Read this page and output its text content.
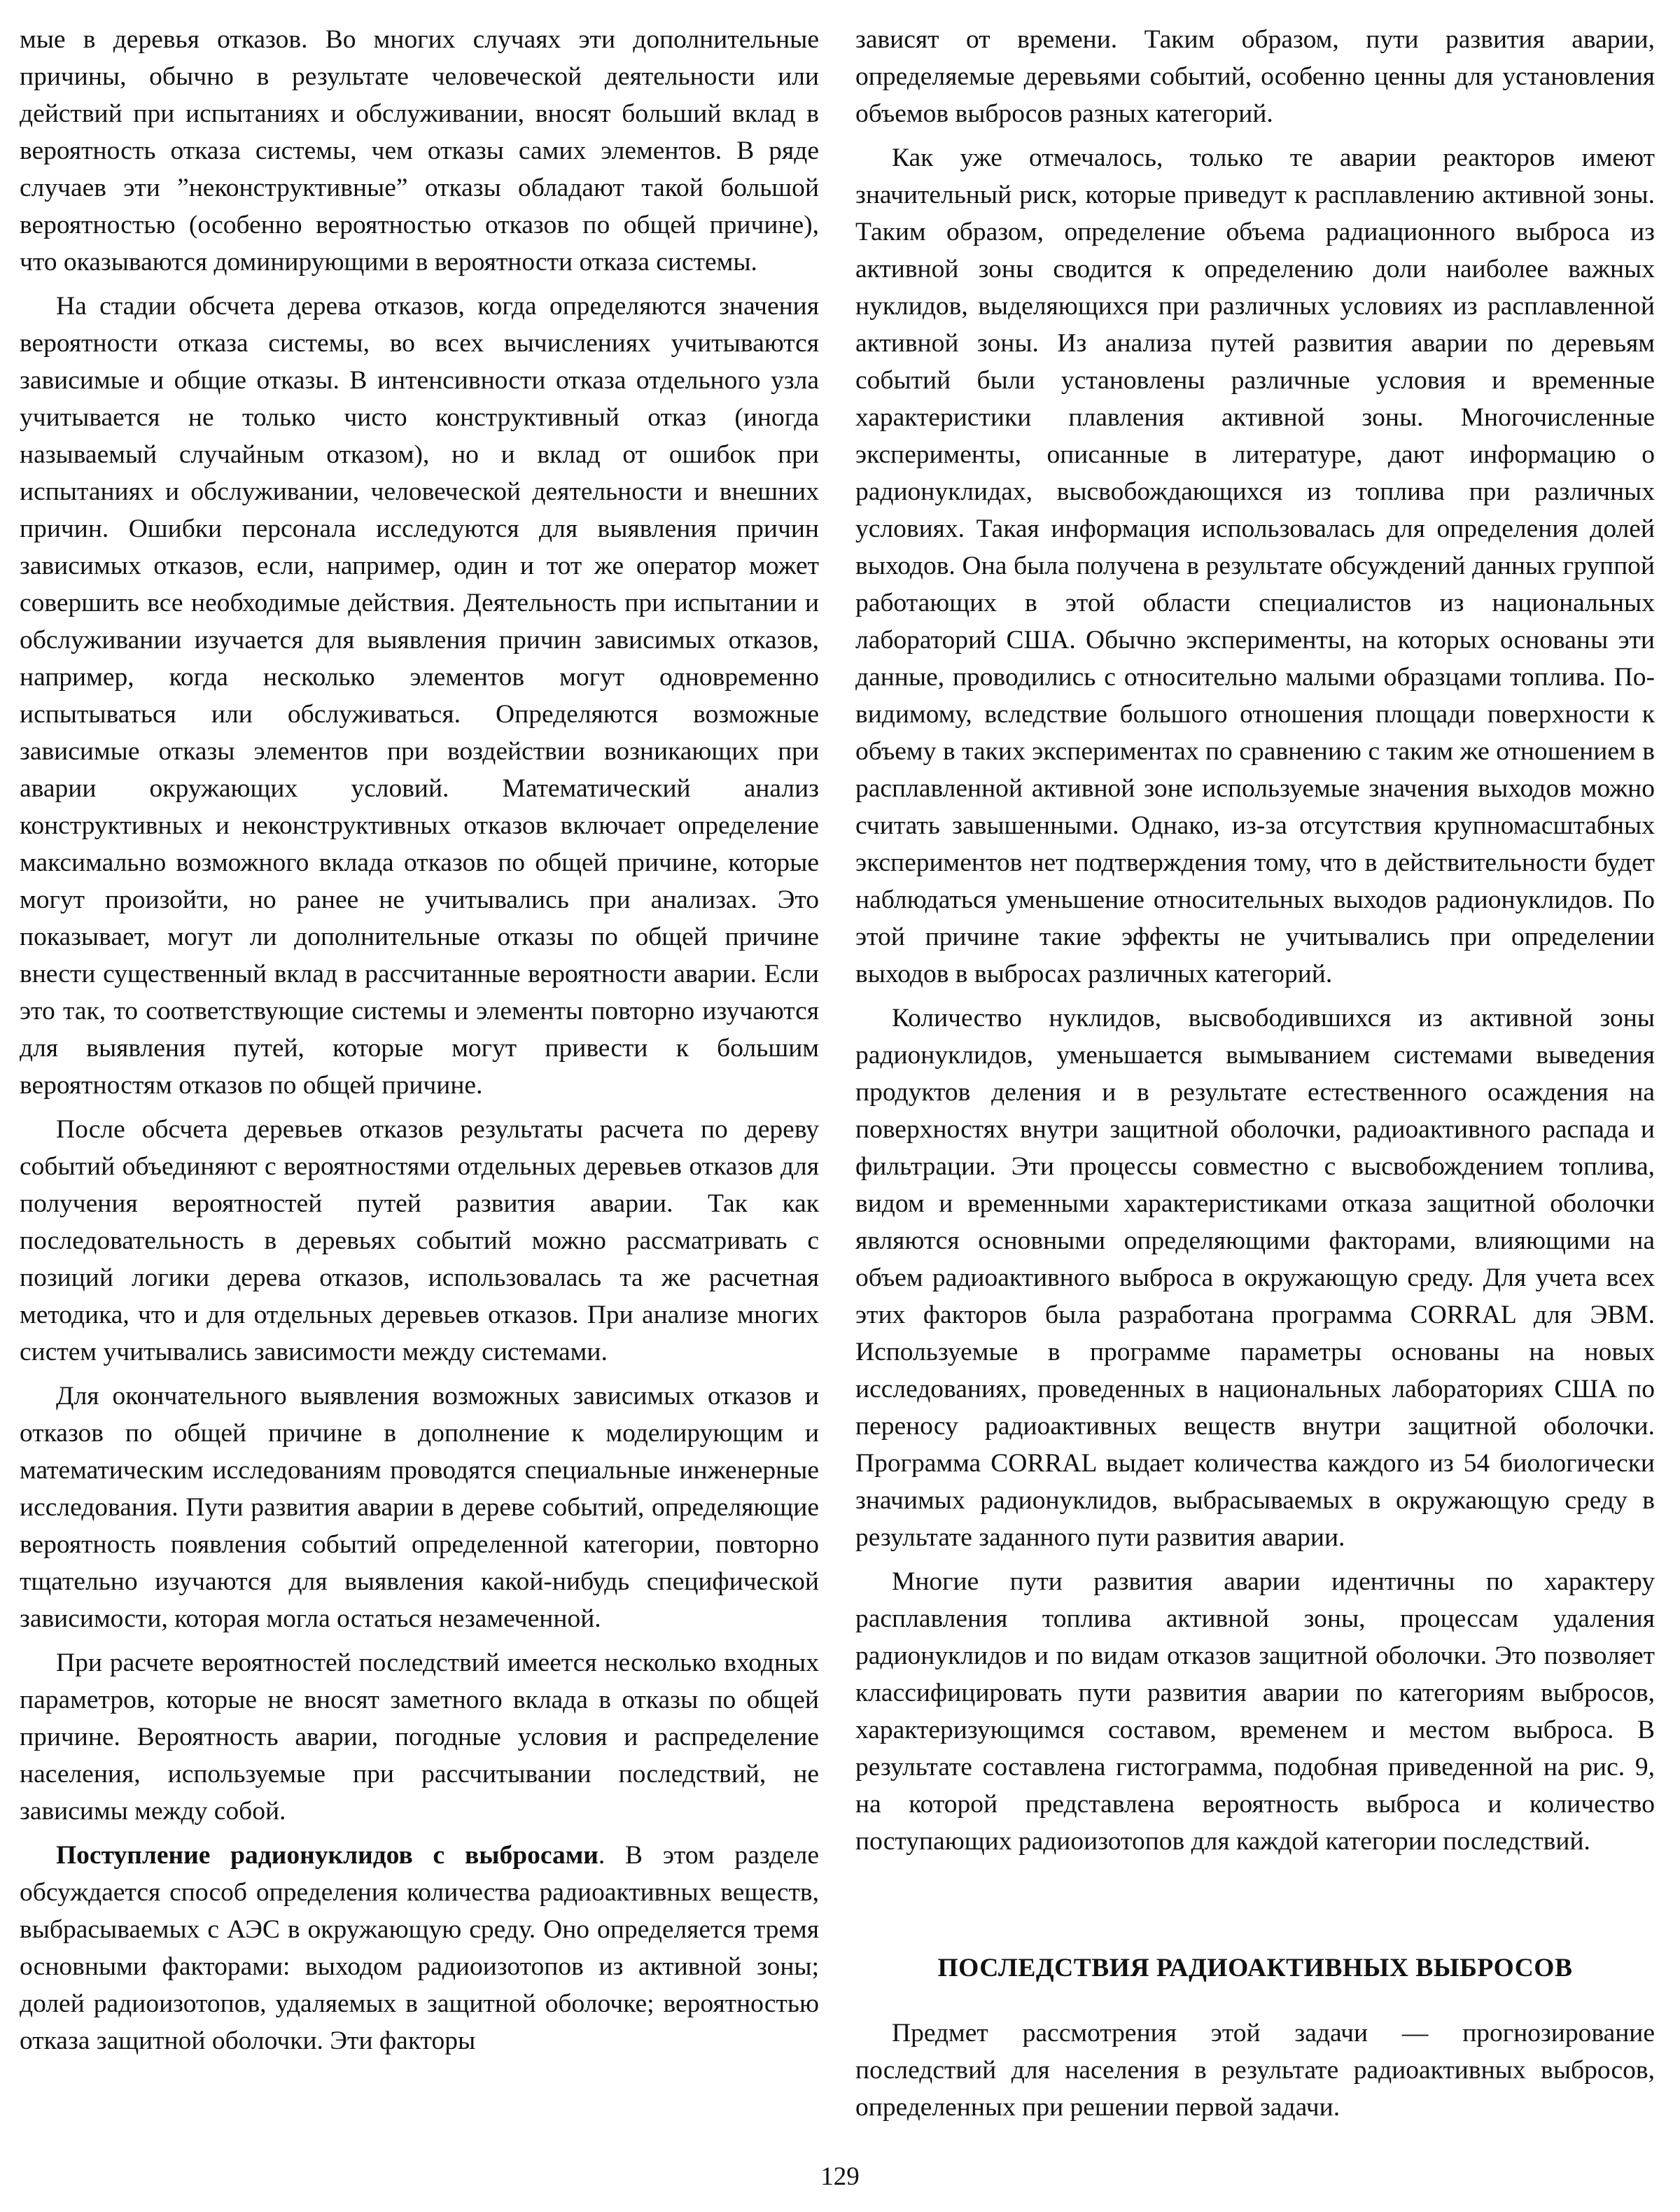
мые в деревья отказов. Во многих случаях эти дополнительные причины, обычно в результате человеческой деятельности или действий при испытаниях и обслуживании, вносят больший вклад в вероятность отказа системы, чем отказы самих элементов. В ряде случаев эти ”неконструктивные” отказы обладают такой большой вероятностью (особенно вероятностью отказов по общей причине), что оказываются доминирующими в вероятности отказа системы.

На стадии обсчета дерева отказов, когда определяются значения вероятности отказа системы, во всех вычислениях учитываются зависимые и общие отказы. В интенсивности отказа отдельного узла учитывается не только чисто конструктивный отказ (иногда называемый случайным отказом), но и вклад от ошибок при испытаниях и обслуживании, человеческой деятельности и внешних причин. Ошибки персонала исследуются для выявления причин зависимых отказов, если, например, один и тот же оператор может совершить все необходимые действия. Деятельность при испытании и обслуживании изучается для выявления причин зависимых отказов, например, когда несколько элементов могут одновременно испытываться или обслуживаться. Определяются возможные зависимые отказы элементов при воздействии возникающих при аварии окружающих условий. Математический анализ конструктивных и неконструктивных отказов включает определение максимально возможного вклада отказов по общей причине, которые могут произойти, но ранее не учитывались при анализах. Это показывает, могут ли дополнительные отказы по общей причине внести существенный вклад в рассчитанные вероятности аварии. Если это так, то соответствующие системы и элементы повторно изучаются для выявления путей, которые могут привести к большим вероятностям отказов по общей причине.

После обсчета деревьев отказов результаты расчета по дереву событий объединяют с вероятностями отдельных деревьев отказов для получения вероятностей путей развития аварии. Так как последовательность в деревьях событий можно рассматривать с позиций логики дерева отказов, использовалась та же расчетная методика, что и для отдельных деревьев отказов. При анализе многих систем учитывались зависимости между системами.

Для окончательного выявления возможных зависимых отказов и отказов по общей причине в дополнение к моделирующим и математическим исследованиям проводятся специальные инженерные исследования. Пути развития аварии в дереве событий, определяющие вероятность появления событий определенной категории, повторно тщательно изучаются для выявления какой-нибудь специфической зависимости, которая могла остаться незамеченной.

При расчете вероятностей последствий имеется несколько входных параметров, которые не вносят заметного вклада в отказы по общей причине. Вероятность аварии, погодные условия и распределение населения, используемые при рассчитывании последствий, не зависимы между собой.

Поступление радионуклидов с выбросами. В этом разделе обсуждается способ определения количества радиоактивных веществ, выбрасываемых с АЭС в окружающую среду. Оно определяется тремя основными факторами: выходом радиоизотопов из активной зоны; долей радиоизотопов, удаляемых в защитной оболочке; вероятностью отказа защитной оболочки. Эти факторы

зависят от времени. Таким образом, пути развития аварии, определяемые деревьями событий, особенно ценны для установления объемов выбросов разных категорий.

Как уже отмечалось, только те аварии реакторов имеют значительный риск, которые приведут к расплавлению активной зоны. Таким образом, определение объема радиационного выброса из активной зоны сводится к определению доли наиболее важных нуклидов, выделяющихся при различных условиях из расплавленной активной зоны. Из анализа путей развития аварии по деревьям событий были установлены различные условия и временные характеристики плавления активной зоны. Многочисленные эксперименты, описанные в литературе, дают информацию о радионуклидах, высвобождающихся из топлива при различных условиях. Такая информация использовалась для определения долей выходов. Она была получена в результате обсуждений данных группой работающих в этой области специалистов из национальных лабораторий США. Обычно эксперименты, на которых основаны эти данные, проводились с относительно малыми образцами топлива. По-видимому, вследствие большого отношения площади поверхности к объему в таких экспериментах по сравнению с таким же отношением в расплавленной активной зоне используемые значения выходов можно считать завышенными. Однако, из-за отсутствия крупномасштабных экспериментов нет подтверждения тому, что в действительности будет наблюдаться уменьшение относительных выходов радионуклидов. По этой причине такие эффекты не учитывались при определении выходов в выбросах различных категорий.

Количество нуклидов, высвободившихся из активной зоны радионуклидов, уменьшается вымыванием системами выведения продуктов деления и в результате естественного осаждения на поверхностях внутри защитной оболочки, радиоактивного распада и фильтрации. Эти процессы совместно с высвобождением топлива, видом и временными характеристиками отказа защитной оболочки являются основными определяющими факторами, влияющими на объем радиоактивного выброса в окружающую среду. Для учета всех этих факторов была разработана программа CORRAL для ЭВМ. Используемые в программе параметры основаны на новых исследованиях, проведенных в национальных лабораториях США по переносу радиоактивных веществ внутри защитной оболочки. Программа CORRAL выдает количества каждого из 54 биологически значимых радионуклидов, выбрасываемых в окружающую среду в результате заданного пути развития аварии.

Многие пути развития аварии идентичны по характеру расплавления топлива активной зоны, процессам удаления радионуклидов и по видам отказов защитной оболочки. Это позволяет классифицировать пути развития аварии по категориям выбросов, характеризующимся составом, временем и местом выброса. В результате составлена гистограмма, подобная приведенной на рис. 9, на которой представлена вероятность выброса и количество поступающих радиоизотопов для каждой категории последствий.

ПОСЛЕДСТВИЯ РАДИОАКТИВНЫХ ВЫБРОСОВ

Предмет рассмотрения этой задачи — прогнозирование последствий для населения в результате радиоактивных выбросов, определенных при решении первой задачи.

129
